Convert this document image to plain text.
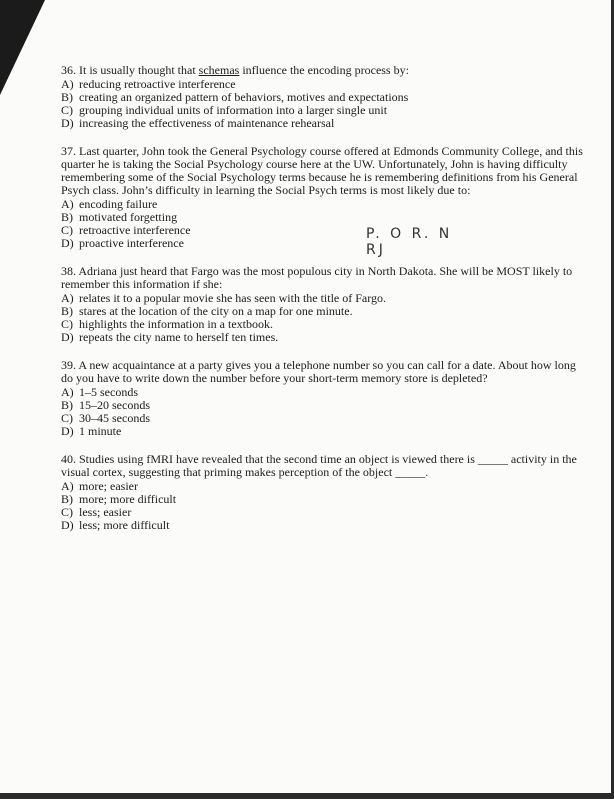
36. It is usually thought that schemas influence the encoding process by:

A) reducing retroactive interference

B) creating an organized pattern of behaviors, motives and expectations

C) grouping individual units of information into a larger single unit

D) increasing the effectiveness of maintenance rehearsal

37. Last quarter, John took the General Psychology course offered at Edmonds Community College, and this quarter he is taking the Social Psychology course here at the UW. Unfortunately, John is having difficulty remembering some of the Social Psychology terms because he is remembering definitions from his General Psych class. John’s difficulty in learning the Social Psych terms is most likely due to:

A) encoding failure

B) motivated forgetting

C) retroactive interference

D) proactive interference

38. Adriana just heard that Fargo was the most populous city in North Dakota. She will be MOST likely to remember this information if she:

A) relates it to a popular movie she has seen with the title of Fargo.

B) stares at the location of the city on a map for one minute.

C) highlights the information in a textbook.

D) repeats the city name to herself ten times.

39. A new acquaintance at a party gives you a telephone number so you can call for a date. About how long do you have to write down the number before your short-term memory store is depleted?

A) 1–5 seconds

B) 15–20 seconds

C) 30–45 seconds

D) 1 minute

40. Studies using fMRI have revealed that the second time an object is viewed there is _____ activity in the visual cortex, suggesting that priming makes perception of the object _____.

A) more; easier

B) more; more difficult

C) less; easier

D) less; more difficult

P. O R. N
RJ
